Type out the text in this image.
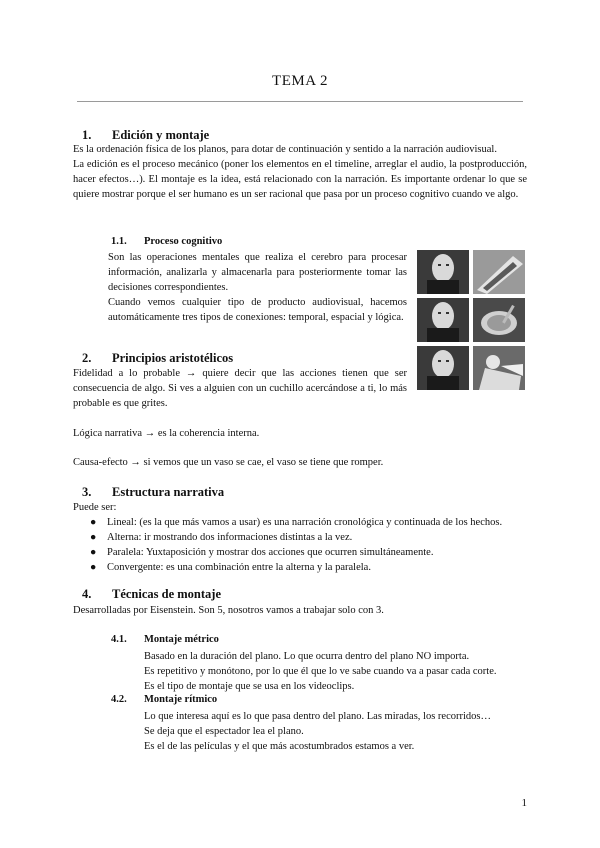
TEMA 2
1. Edición y montaje
Es la ordenación física de los planos, para dotar de continuación y sentido a la narración audiovisual.
La edición es el proceso mecánico (poner los elementos en el timeline, arreglar el audio, la postproducción, hacer efectos…). El montaje es la idea, está relacionado con la narración. Es importante ordenar lo que se quiere mostrar porque el ser humano es un ser racional que pasa por un proceso cognitivo cuando ve algo.
1.1. Proceso cognitivo
Son las operaciones mentales que realiza el cerebro para procesar información, analizarla y almacenarla para posteriormente tomar las decisiones correspondientes.
Cuando vemos cualquier tipo de producto audiovisual, hacemos automáticamente tres tipos de conexiones: temporal, espacial y lógica.
2. Principios aristotélicos
Fidelidad a lo probable → quiere decir que las acciones tienen que ser consecuencia de algo. Si ves a alguien con un cuchillo acercándose a ti, lo más probable es que grites.
Lógica narrativa → es la coherencia interna.
Causa-efecto → si vemos que un vaso se cae, el vaso se tiene que romper.
3. Estructura narrativa
Puede ser:
● Lineal: (es la que más vamos a usar) es una narración cronológica y continuada de los hechos.
● Alterna: ir mostrando dos informaciones distintas a la vez.
● Paralela: Yuxtaposición y mostrar dos acciones que ocurren simultáneamente.
● Convergente: es una combinación entre la alterna y la paralela.
4. Técnicas de montaje
Desarrolladas por Eisenstein. Son 5, nosotros vamos a trabajar solo con 3.
4.1. Montaje métrico
Basado en la duración del plano. Lo que ocurra dentro del plano NO importa.
Es repetitivo y monótono, por lo que él que lo ve sabe cuando va a pasar cada corte.
Es el tipo de montaje que se usa en los videoclips.
4.2. Montaje rítmico
Lo que interesa aquí es lo que pasa dentro del plano. Las miradas, los recorridos…
Se deja que el espectador lea el plano.
Es el de las películas y el que más acostumbrados estamos a ver.
1
